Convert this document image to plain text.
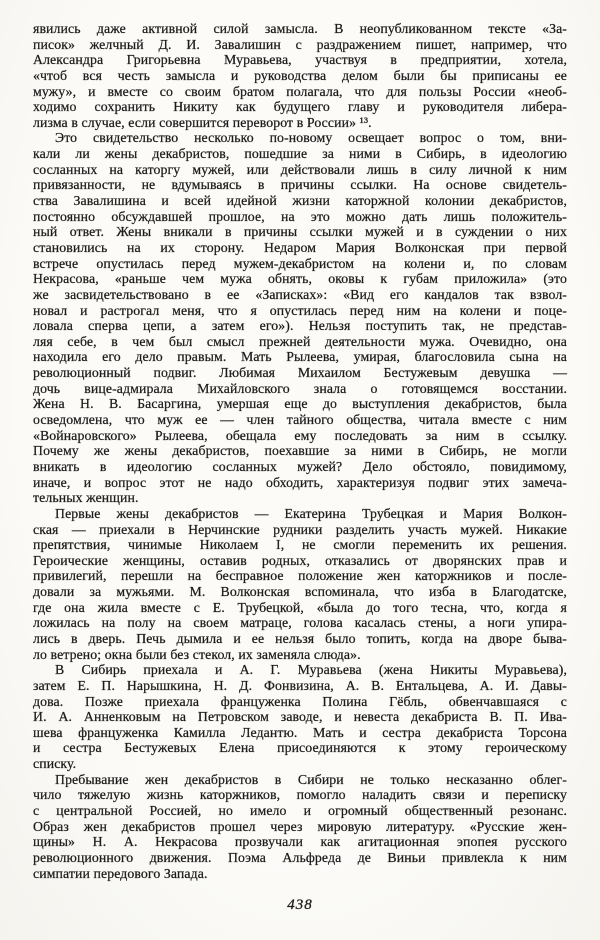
явились даже активной силой замысла. В неопубликованном тексте «За-
писок» желчный Д. И. Завалишин с раздражением пишет, например, что
Александра Григорьевна Муравьева, участвуя в предприятии, хотела,
«чтоб вся честь замысла и руководства делом были бы приписаны ее
мужу», и вместе со своим братом полагала, что для пользы России «необ-
ходимо сохранить Никиту как будущего главу и руководителя либера-
лизма в случае, если совершится переворот в России» ¹³.
Это свидетельство несколько по-новому освещает вопрос о том, вни-
кали ли жены декабристов, пошедшие за ними в Сибирь, в идеологию
сосланных на каторгу мужей, или действовали лишь в силу личной к ним
привязанности, не вдумываясь в причины ссылки. На основе свидетель-
ства Завалишина и всей идейной жизни каторжной колонии декабристов,
постоянно обсуждавшей прошлое, на это можно дать лишь положитель-
ный ответ. Жены вникали в причины ссылки мужей и в суждении о них
становились на их сторону. Недаром Мария Волконская при первой
встрече опустилась перед мужем-декабристом на колени и, по словам
Некрасова, «раньше чем мужа обнять, оковы к губам приложила» (это
же засвидетельствовано в ее «Записках»: «Вид его кандалов так взвол-
новал и растрогал меня, что я опустилась перед ним на колени и поце-
ловала сперва цепи, а затем его»). Нельзя поступить так, не представ-
ляя себе, в чем был смысл прежней деятельности мужа. Очевидно, она
находила его дело правым. Мать Рылеева, умирая, благословила сына на
революционный подвиг. Любимая Михаилом Бестужевым девушка —
дочь вице-адмирала Михайловского знала о готовящемся восстании.
Жена Н. В. Басаргина, умершая еще до выступления декабристов, была
осведомлена, что муж ее — член тайного общества, читала вместе с ним
«Войнаровского» Рылеева, обещала ему последовать за ним в ссылку.
Почему же жены декабристов, поехавшие за ними в Сибирь, не могли
вникать в идеологию сосланных мужей? Дело обстояло, повидимому,
иначе, и вопрос этот не надо обходить, характеризуя подвиг этих замеча-
тельных женщин.
Первые жены декабристов — Екатерина Трубецкая и Мария Волкон-
ская — приехали в Нерчинские рудники разделить участь мужей. Никакие
препятствия, чинимые Николаем I, не смогли переменить их решения.
Героические женщины, оставив родных, отказались от дворянских прав и
привилегий, перешли на бесправное положение жен каторжников и после-
довали за мужьями. М. Волконская вспоминала, что изба в Благодатске,
где она жила вместе с Е. Трубецкой, «была до того тесна, что, когда я
ложилась на полу на своем матраце, голова касалась стены, а ноги упира-
лись в дверь. Печь дымила и ее нельзя было топить, когда на дворе быва-
ло ветрено; окна были без стекол, их заменяла слюда».
В Сибирь приехала и А. Г. Муравьева (жена Никиты Муравьева),
затем Е. П. Нарышкина, Н. Д. Фонвизина, А. В. Ентальцева, А. И. Давы-
дова. Позже приехала француженка Полина Гёбль, обвенчавшаяся с
И. А. Анненковым на Петровском заводе, и невеста декабриста В. П. Ива-
шева француженка Камилла Ледантю. Мать и сестра декабриста Торсона
и сестра Бестужевых Елена присоединяются к этому героическому
списку.
Пребывание жен декабристов в Сибири не только несказанно облег-
чило тяжелую жизнь каторжников, помогло наладить связи и переписку
с центральной Россией, но имело и огромный общественный резонанс.
Образ жен декабристов прошел через мировую литературу. «Русские жен-
щины» Н. А. Некрасова прозвучали как агитационная эпопея русского
революционного движения. Поэма Альфреда де Виньи привлекла к ним
симпатии передового Запада.
438
